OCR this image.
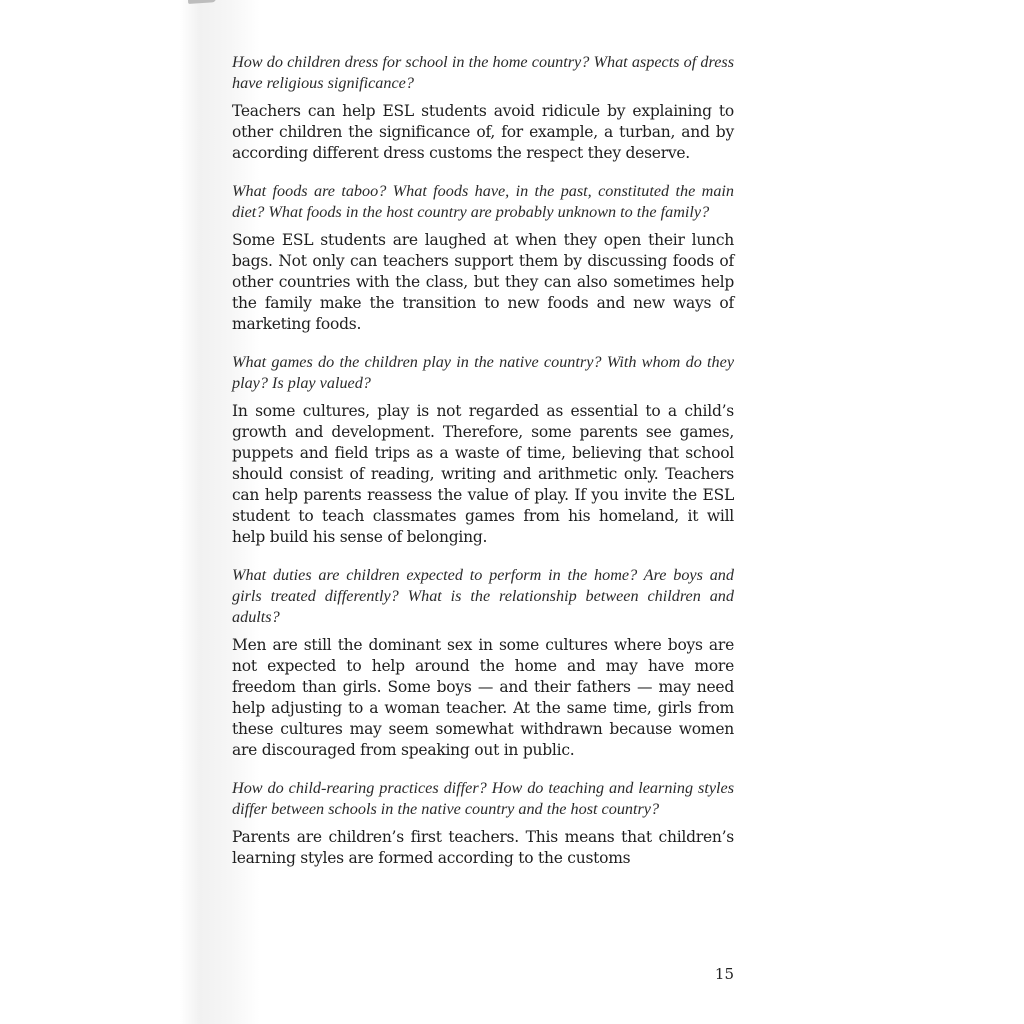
How do children dress for school in the home country? What aspects of dress have religious significance?

Teachers can help ESL students avoid ridicule by explaining to other children the significance of, for example, a turban, and by according different dress customs the respect they deserve.

What foods are taboo? What foods have, in the past, constituted the main diet? What foods in the host country are probably unknown to the family?

Some ESL students are laughed at when they open their lunch bags. Not only can teachers support them by discussing foods of other countries with the class, but they can also sometimes help the family make the transition to new foods and new ways of marketing foods.

What games do the children play in the native country? With whom do they play? Is play valued?

In some cultures, play is not regarded as essential to a child’s growth and development. Therefore, some parents see games, puppets and field trips as a waste of time, believing that school should consist of reading, writing and arithmetic only. Teachers can help parents reassess the value of play. If you invite the ESL student to teach classmates games from his homeland, it will help build his sense of belonging.

What duties are children expected to perform in the home? Are boys and girls treated differently? What is the relationship between children and adults?

Men are still the dominant sex in some cultures where boys are not expected to help around the home and may have more freedom than girls. Some boys — and their fathers — may need help adjusting to a woman teacher. At the same time, girls from these cultures may seem somewhat withdrawn because women are discouraged from speaking out in public.

How do child-rearing practices differ? How do teaching and learning styles differ between schools in the native country and the host country?

Parents are children’s first teachers. This means that children’s learning styles are formed according to the customs

15
